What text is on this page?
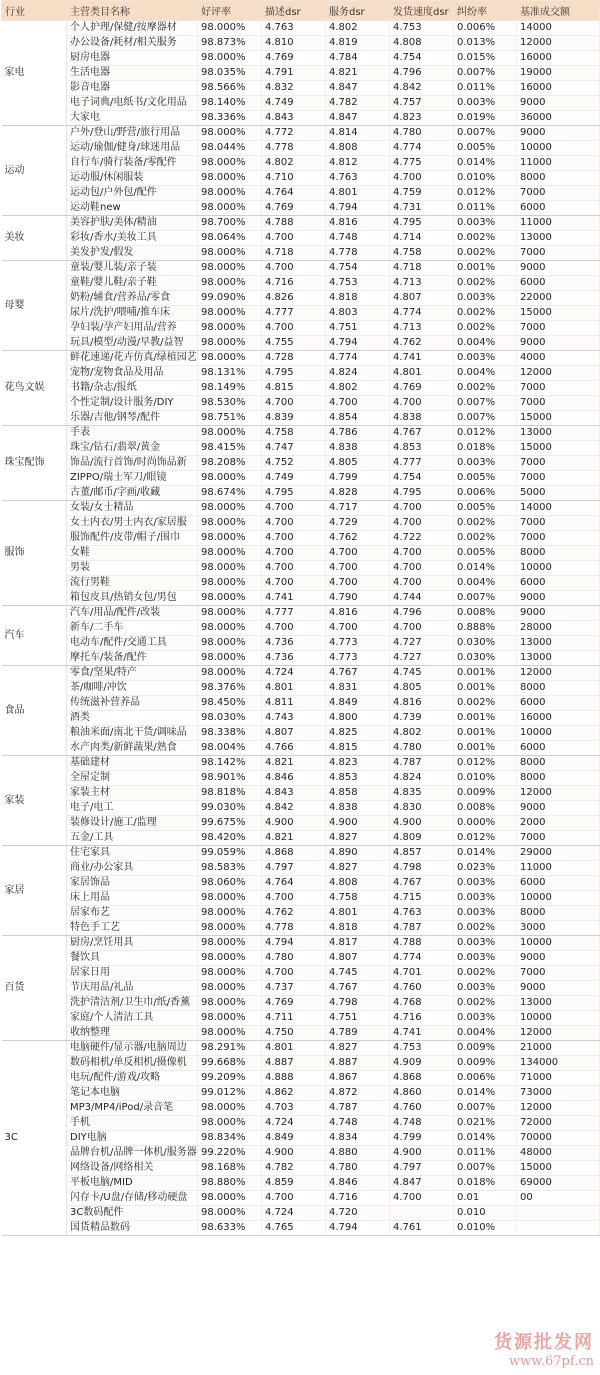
行业	主营类目名称	好评率	描述dsr	服务dsr	发货速度dsr	纠纷率	基准成交额
家电	个人护理/保健/按摩器材	98.000%	4.763	4.802	4.753	0.006%	14000
	办公设备/耗材/相关服务	98.873%	4.810	4.819	4.808	0.013%	12000
	厨房电器	98.000%	4.769	4.784	4.754	0.015%	16000
	生活电器	98.035%	4.791	4.821	4.796	0.007%	19000
	影音电器	98.566%	4.832	4.847	4.842	0.011%	16000
	电子词典/电纸书/文化用品	98.140%	4.749	4.782	4.757	0.003%	9000
	大家电	98.336%	4.843	4.847	4.823	0.019%	36000
运动	户外/登山/野营/旅行用品	98.000%	4.772	4.814	4.780	0.007%	9000
	运动/瑜伽/健身/球迷用品	98.044%	4.778	4.808	4.774	0.005%	10000
	自行车/骑行装备/零配件	98.000%	4.802	4.812	4.775	0.014%	11000
	运动服/休闲服装	98.000%	4.710	4.763	4.700	0.010%	8000
	运动包/户外包/配件	98.000%	4.764	4.801	4.759	0.012%	7000
	运动鞋new	98.000%	4.769	4.794	4.731	0.011%	6000
美妆	美容护肤/美体/精油	98.700%	4.788	4.816	4.795	0.003%	11000
	彩妆/香水/美妆工具	98.064%	4.700	4.748	4.714	0.002%	13000
	美发护发/假发	98.000%	4.718	4.778	4.758	0.002%	7000
母婴	童装/婴儿装/亲子装	98.000%	4.700	4.754	4.718	0.001%	9000
	童鞋/婴儿鞋/亲子鞋	98.000%	4.716	4.753	4.713	0.002%	6000
	奶粉/辅食/营养品/零食	99.090%	4.826	4.818	4.807	0.003%	22000
	尿片/洗护/喂哺/推车床	98.000%	4.777	4.803	4.774	0.002%	15000
	孕妇装/孕产妇用品/营养	98.000%	4.700	4.751	4.713	0.002%	7000
	玩具/模型/动漫/早教/益智	98.000%	4.755	4.794	4.762	0.004%	9000
花鸟文娱	鲜花速递/花卉仿真/绿植园艺	98.000%	4.728	4.774	4.741	0.003%	4000
	宠物/宠物食品及用品	98.131%	4.795	4.824	4.801	0.004%	12000
	书籍/杂志/报纸	98.149%	4.815	4.802	4.769	0.002%	7000
	个性定制/设计服务/DIY	98.530%	4.700	4.700	4.700	0.007%	7000
	乐器/吉他/钢琴/配件	98.751%	4.839	4.854	4.838	0.007%	15000
珠宝配饰	手表	98.000%	4.758	4.786	4.767	0.012%	13000
	珠宝/钻石/翡翠/黄金	98.415%	4.747	4.838	4.853	0.018%	15000
	饰品/流行首饰/时尚饰品新	98.208%	4.752	4.805	4.777	0.003%	7000
	ZIPPO/瑞士军刀/眼镜	98.000%	4.749	4.799	4.754	0.005%	7000
	古董/邮币/字画/收藏	98.674%	4.795	4.828	4.795	0.006%	5000
服饰	女装/女士精品	98.000%	4.700	4.717	4.700	0.005%	14000
	女士内衣/男士内衣/家居服	98.000%	4.700	4.729	4.700	0.002%	7000
	服饰配件/皮带/帽子/围巾	98.000%	4.700	4.762	4.722	0.002%	7000
	女鞋	98.000%	4.700	4.700	4.700	0.005%	8000
	男装	98.000%	4.700	4.700	4.700	0.014%	10000
	流行男鞋	98.000%	4.700	4.700	4.700	0.004%	6000
	箱包皮具/热销女包/男包	98.000%	4.741	4.790	4.744	0.007%	9000
汽车	汽车/用品/配件/改装	98.000%	4.777	4.816	4.796	0.008%	9000
	新车/二手车	98.000%	4.700	4.700	4.700	0.888%	28000
	电动车/配件/交通工具	98.000%	4.736	4.773	4.727	0.030%	13000
	摩托车/装备/配件	98.000%	4.736	4.773	4.727	0.030%	13000
食品	零食/坚果/特产	98.000%	4.724	4.767	4.745	0.001%	12000
	茶/咖啡/冲饮	98.376%	4.801	4.831	4.805	0.001%	8000
	传统滋补营养品	98.450%	4.811	4.849	4.816	0.002%	6000
	酒类	98.030%	4.743	4.800	4.739	0.001%	16000
	粮油米面/南北干货/调味品	98.338%	4.807	4.825	4.802	0.001%	10000
	水产肉类/新鲜蔬果/熟食	98.004%	4.766	4.815	4.780	0.001%	6000
家装	基础建材	98.142%	4.821	4.823	4.787	0.012%	8000
	全屋定制	98.901%	4.846	4.853	4.824	0.010%	8000
	家装主材	98.818%	4.843	4.858	4.835	0.009%	12000
	电子/电工	99.030%	4.842	4.838	4.830	0.008%	9000
	装修设计/施工/监理	99.675%	4.900	4.900	4.900	0.000%	2000
	五金/工具	98.420%	4.821	4.827	4.809	0.012%	7000
家居	住宅家具	99.059%	4.868	4.890	4.857	0.014%	29000
	商业/办公家具	98.583%	4.797	4.827	4.798	0.023%	11000
	家居饰品	98.060%	4.764	4.808	4.767	0.003%	6000
	床上用品	98.000%	4.700	4.758	4.715	0.003%	10000
	居家布艺	98.000%	4.762	4.801	4.763	0.003%	8000
	特色手工艺	98.000%	4.778	4.818	4.787	0.002%	3000
百货	厨房/烹饪用具	98.000%	4.794	4.817	4.788	0.003%	10000
	餐饮具	98.000%	4.780	4.807	4.774	0.003%	9000
	居家日用	98.000%	4.700	4.745	4.701	0.002%	7000
	节庆用品/礼品	98.000%	4.737	4.767	4.760	0.003%	9000
	洗护清洁剂/卫生巾/纸/香薰	98.000%	4.769	4.798	4.768	0.002%	13000
	家庭/个人清洁工具	98.000%	4.711	4.751	4.716	0.003%	10000
	收纳整理	98.000%	4.750	4.789	4.741	0.004%	12000
3C	电脑硬件/显示器/电脑周边	98.291%	4.801	4.827	4.753	0.009%	21000
	数码相机/单反相机/摄像机	99.668%	4.887	4.887	4.909	0.009%	134000
	电玩/配件/游戏/攻略	99.209%	4.888	4.867	4.868	0.006%	71000
	笔记本电脑	99.012%	4.862	4.872	4.860	0.014%	73000
	MP3/MP4/iPod/录音笔	98.000%	4.703	4.787	4.760	0.007%	12000
	手机	98.000%	4.724	4.748	4.748	0.021%	72000
	DIY电脑	98.834%	4.849	4.834	4.799	0.014%	70000
	品牌台机/品牌一体机/服务器	99.220%	4.900	4.880	4.900	0.011%	48000
	网络设备/网络相关	98.168%	4.782	4.780	4.797	0.007%	15000
	平板电脑/MID	98.880%	4.859	4.846	4.847	0.018%	69000
	闪存卡/U盘/存储/移动硬盘	98.000%	4.700	4.716	4.700	0.01	00
	3C数码配件	98.000%	4.724	4.720		0.010	
	国货精品数码	98.633%	4.765	4.794	4.761	0.010%	
货源批发网
www.67pf.cn
